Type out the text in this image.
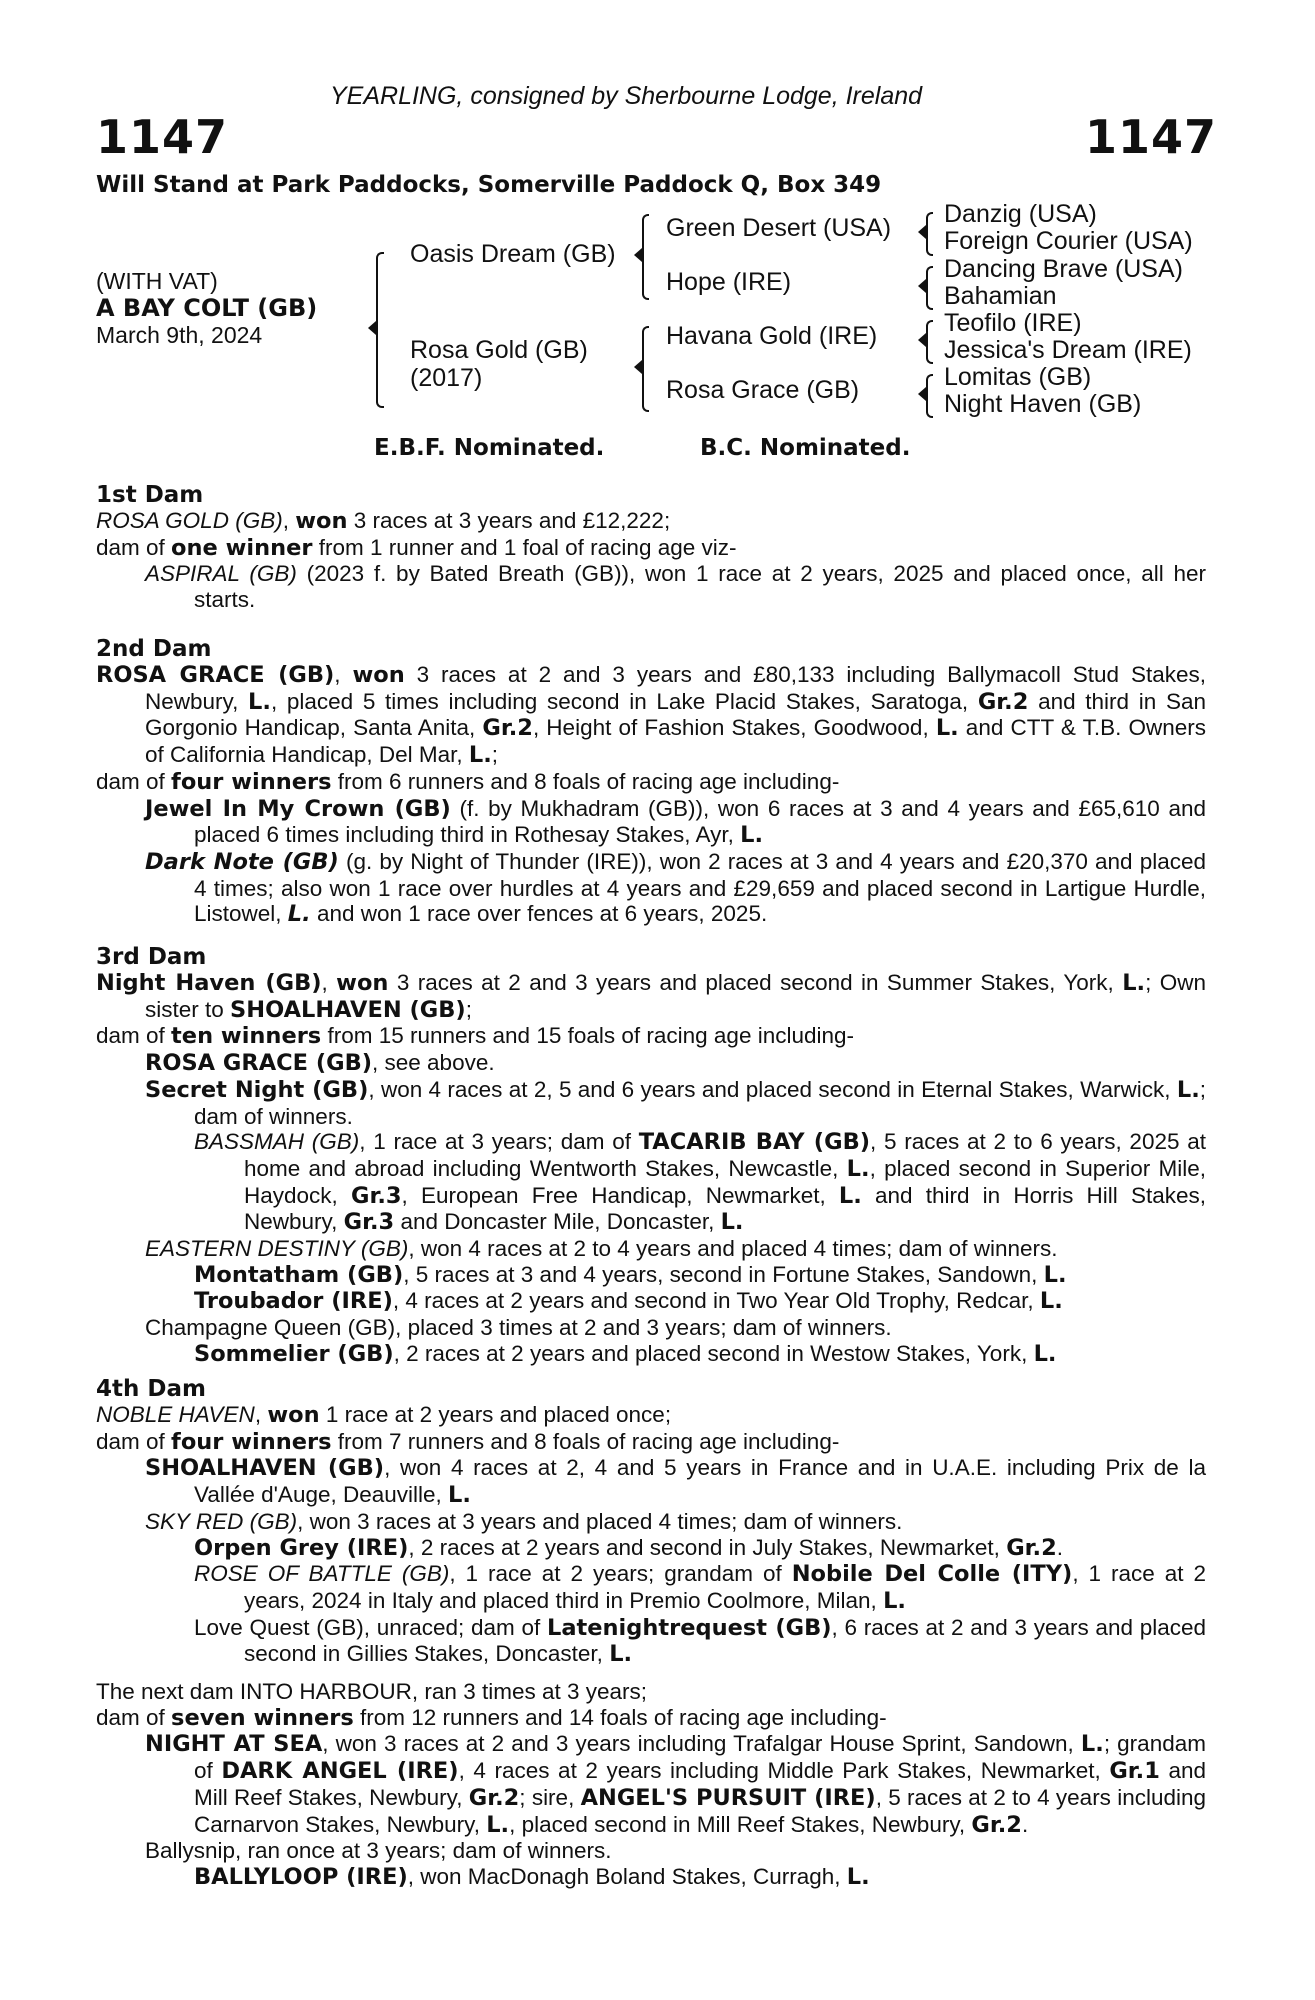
YEARLING, consigned by Sherbourne Lodge, Ireland
1147	1147
Will Stand at Park Paddocks, Somerville Paddock Q, Box 349
(WITH VAT)
A BAY COLT (GB)
March 9th, 2024
Oasis Dream (GB)
Rosa Gold (GB)
(2017)
Green Desert (USA)
Hope (IRE)
Havana Gold (IRE)
Rosa Grace (GB)
Danzig (USA)
Foreign Courier (USA)
Dancing Brave (USA)
Bahamian
Teofilo (IRE)
Jessica's Dream (IRE)
Lomitas (GB)
Night Haven (GB)
E.B.F. Nominated.	B.C. Nominated.
1st Dam
ROSA GOLD (GB), won 3 races at 3 years and £12,222;
dam of one winner from 1 runner and 1 foal of racing age viz-
ASPIRAL (GB) (2023 f. by Bated Breath (GB)), won 1 race at 2 years, 2025 and placed once, all her starts.
2nd Dam
ROSA GRACE (GB), won 3 races at 2 and 3 years and £80,133 including Ballymacoll Stud Stakes, Newbury, L., placed 5 times including second in Lake Placid Stakes, Saratoga, Gr.2 and third in San Gorgonio Handicap, Santa Anita, Gr.2, Height of Fashion Stakes, Goodwood, L. and CTT & T.B. Owners of California Handicap, Del Mar, L.;
dam of four winners from 6 runners and 8 foals of racing age including-
Jewel In My Crown (GB) (f. by Mukhadram (GB)), won 6 races at 3 and 4 years and £65,610 and placed 6 times including third in Rothesay Stakes, Ayr, L.
Dark Note (GB) (g. by Night of Thunder (IRE)), won 2 races at 3 and 4 years and £20,370 and placed 4 times; also won 1 race over hurdles at 4 years and £29,659 and placed second in Lartigue Hurdle, Listowel, L. and won 1 race over fences at 6 years, 2025.
3rd Dam
Night Haven (GB), won 3 races at 2 and 3 years and placed second in Summer Stakes, York, L.; Own sister to SHOALHAVEN (GB);
dam of ten winners from 15 runners and 15 foals of racing age including-
ROSA GRACE (GB), see above.
Secret Night (GB), won 4 races at 2, 5 and 6 years and placed second in Eternal Stakes, Warwick, L.; dam of winners.
BASSMAH (GB), 1 race at 3 years; dam of TACARIB BAY (GB), 5 races at 2 to 6 years, 2025 at home and abroad including Wentworth Stakes, Newcastle, L., placed second in Superior Mile, Haydock, Gr.3, European Free Handicap, Newmarket, L. and third in Horris Hill Stakes, Newbury, Gr.3 and Doncaster Mile, Doncaster, L.
EASTERN DESTINY (GB), won 4 races at 2 to 4 years and placed 4 times; dam of winners.
Montatham (GB), 5 races at 3 and 4 years, second in Fortune Stakes, Sandown, L.
Troubador (IRE), 4 races at 2 years and second in Two Year Old Trophy, Redcar, L.
Champagne Queen (GB), placed 3 times at 2 and 3 years; dam of winners.
Sommelier (GB), 2 races at 2 years and placed second in Westow Stakes, York, L.
4th Dam
NOBLE HAVEN, won 1 race at 2 years and placed once;
dam of four winners from 7 runners and 8 foals of racing age including-
SHOALHAVEN (GB), won 4 races at 2, 4 and 5 years in France and in U.A.E. including Prix de la Vallée d'Auge, Deauville, L.
SKY RED (GB), won 3 races at 3 years and placed 4 times; dam of winners.
Orpen Grey (IRE), 2 races at 2 years and second in July Stakes, Newmarket, Gr.2.
ROSE OF BATTLE (GB), 1 race at 2 years; grandam of Nobile Del Colle (ITY), 1 race at 2 years, 2024 in Italy and placed third in Premio Coolmore, Milan, L.
Love Quest (GB), unraced; dam of Latenightrequest (GB), 6 races at 2 and 3 years and placed second in Gillies Stakes, Doncaster, L.
The next dam INTO HARBOUR, ran 3 times at 3 years;
dam of seven winners from 12 runners and 14 foals of racing age including-
NIGHT AT SEA, won 3 races at 2 and 3 years including Trafalgar House Sprint, Sandown, L.; grandam of DARK ANGEL (IRE), 4 races at 2 years including Middle Park Stakes, Newmarket, Gr.1 and Mill Reef Stakes, Newbury, Gr.2; sire, ANGEL'S PURSUIT (IRE), 5 races at 2 to 4 years including Carnarvon Stakes, Newbury, L., placed second in Mill Reef Stakes, Newbury, Gr.2.
Ballysnip, ran once at 3 years; dam of winners.
BALLYLOOP (IRE), won MacDonagh Boland Stakes, Curragh, L.
